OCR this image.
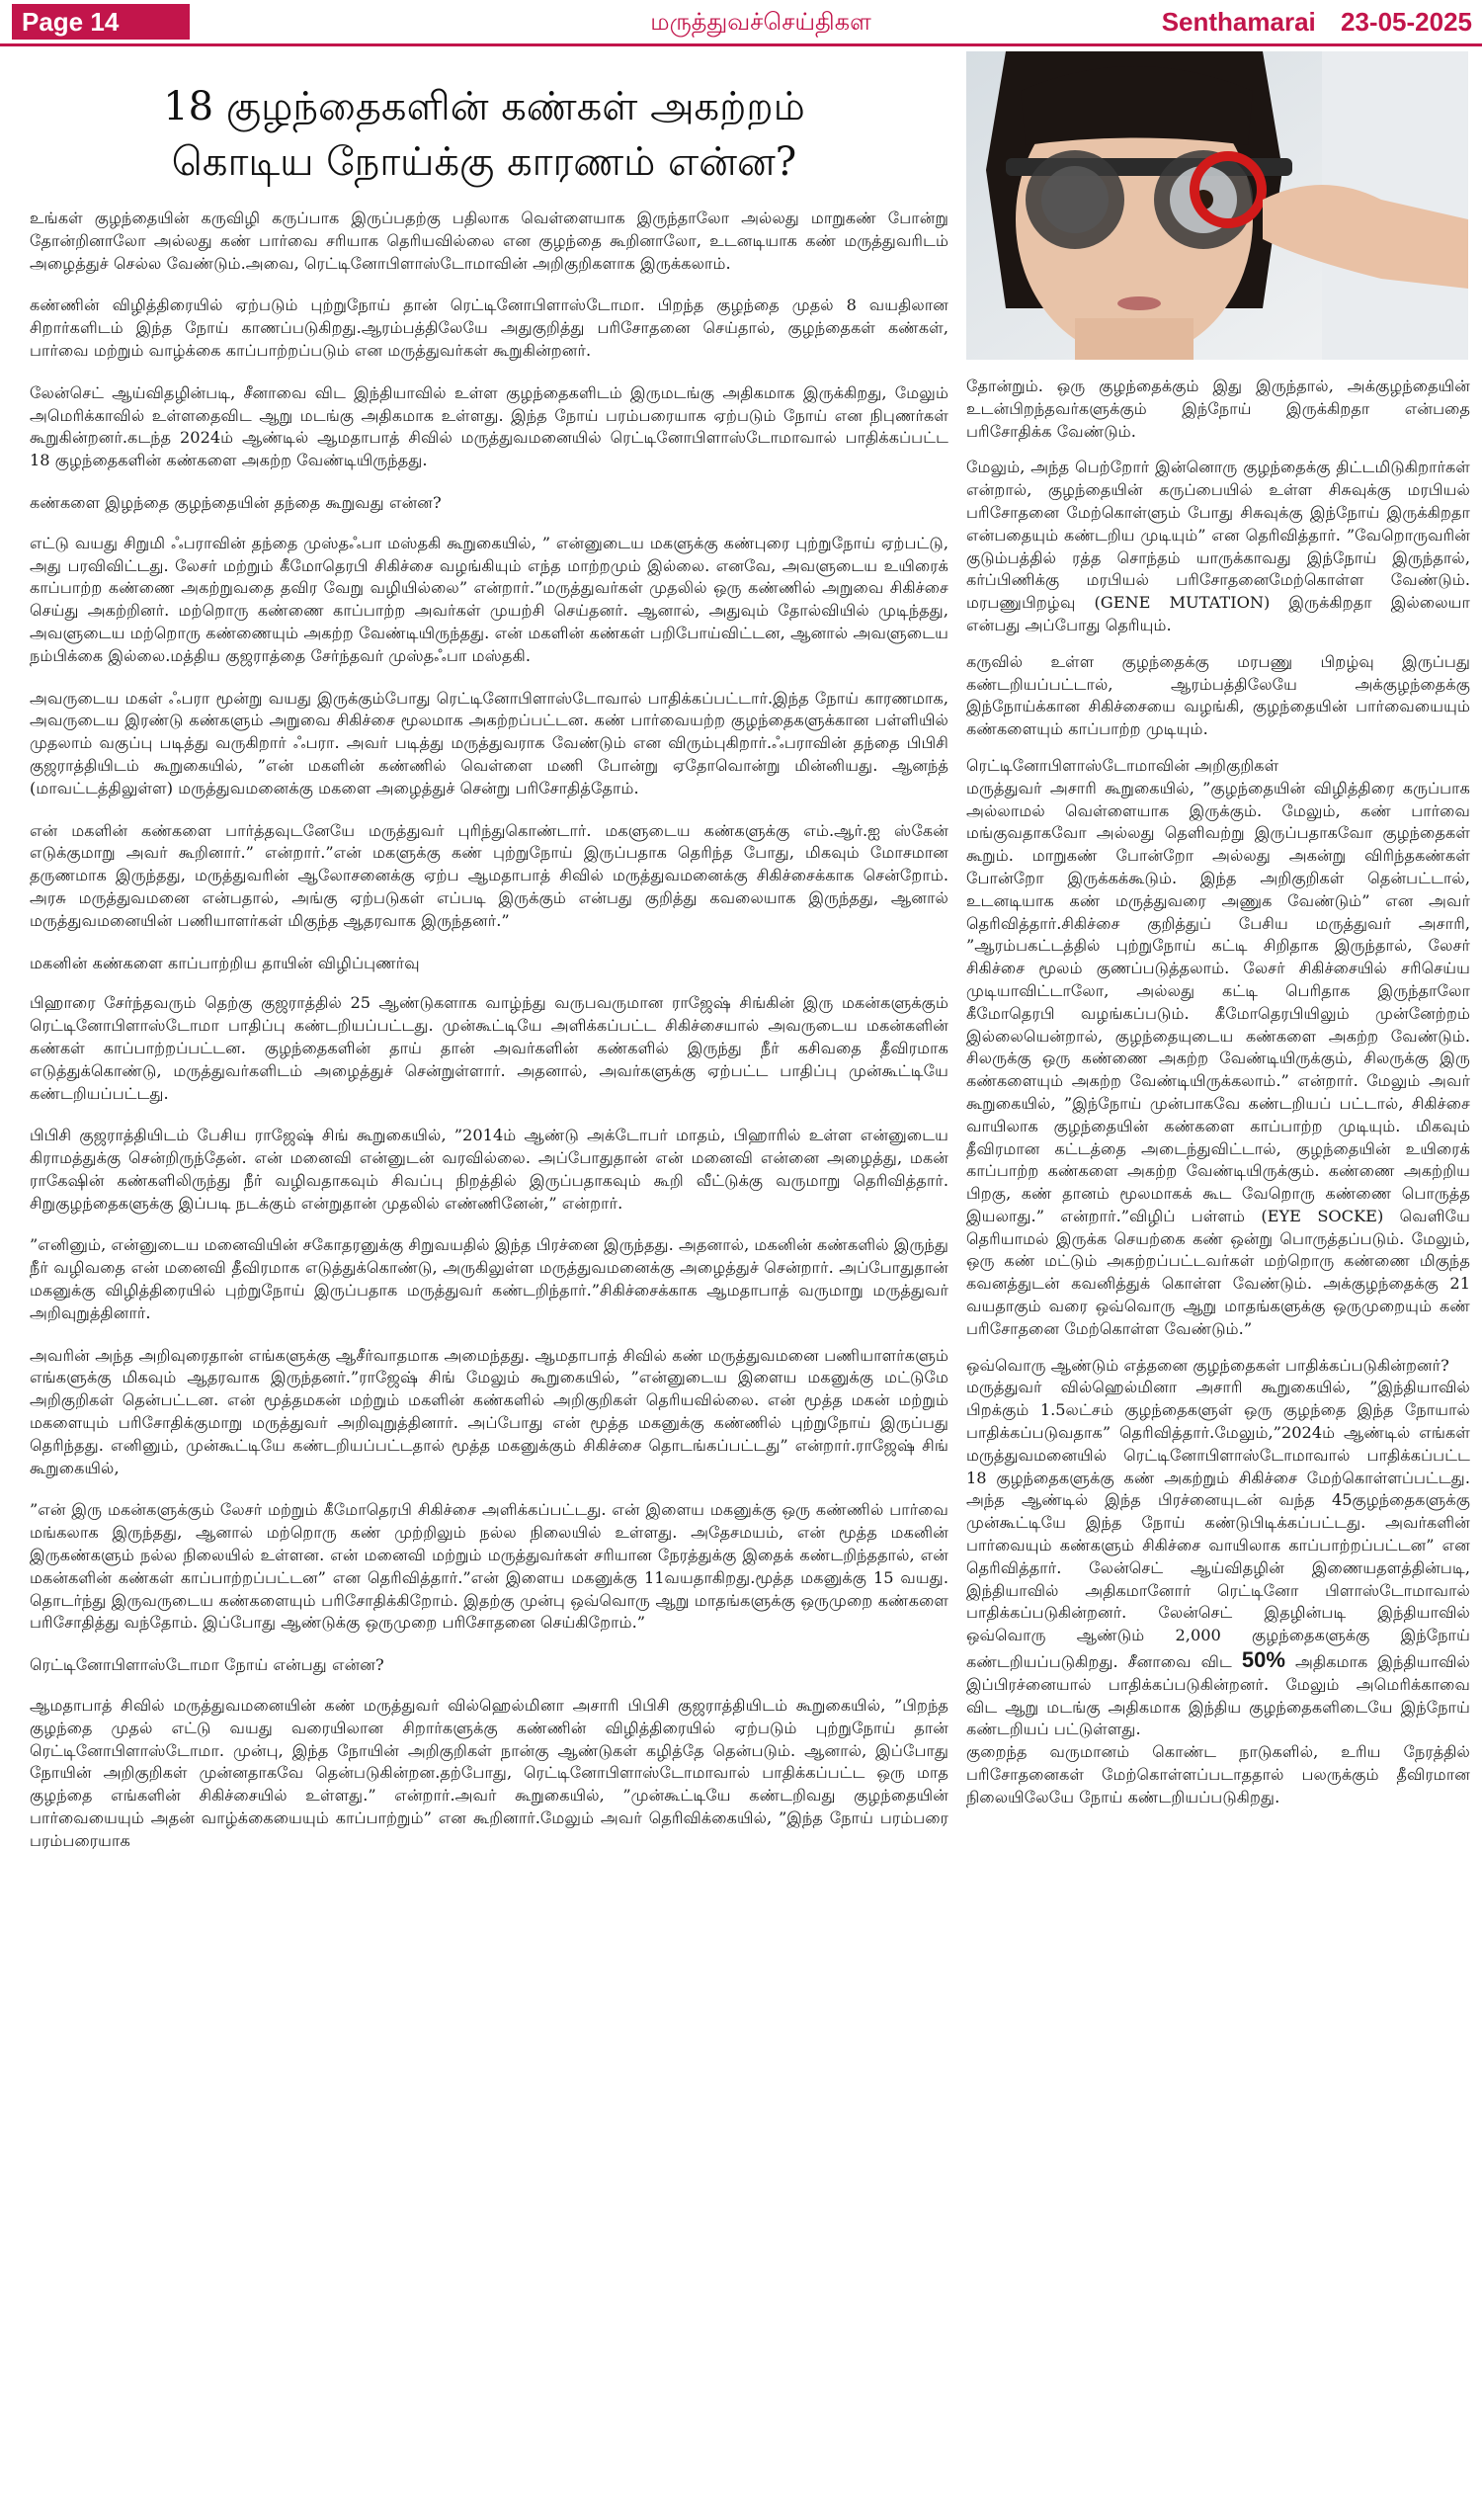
Page 14	மருத்துவச்செய்திகள	Senthamarai 23-05-2025
18 குழந்தைகளின் கண்கள் அகற்றம்
கொடிய நோய்க்கு காரணம் என்ன?

உங்கள் குழந்தையின் கருவிழி கருப்பாக இருப்பதற்கு பதிலாக வெள்ளையாக இருந்தாலோ அல்லது மாறுகண் போன்று தோன்றினாலோ அல்லது கண் பார்வை சரியாக தெரியவில்லை என குழந்தை கூறினாலோ, உடனடியாக கண் மருத்துவரிடம் அழைத்துச் செல்ல வேண்டும்.அவை, ரெட்டினோபிளாஸ்டோமாவின் அறிகுறிகளாக இருக்கலாம்.

கண்ணின் விழித்திரையில் ஏற்படும் புற்றுநோய் தான் ரெட்டினோபிளாஸ்டோமா. பிறந்த குழந்தை முதல் 8 வயதிலான சிறார்களிடம் இந்த நோய் காணப்படுகிறது.ஆரம்பத்திலேயே அதுகுறித்து பரிசோதனை செய்தால், குழந்தைகள் கண்கள், பார்வை மற்றும் வாழ்க்கை காப்பாற்றப்படும் என மருத்துவர்கள் கூறுகின்றனர்.

லேன்செட் ஆய்விதழின்படி, சீனாவை விட இந்தியாவில் உள்ள குழந்தைகளிடம் இருமடங்கு அதிகமாக இருக்கிறது, மேலும் அமெரிக்காவில் உள்ளதைவிட ஆறு மடங்கு அதிகமாக உள்ளது. இந்த நோய் பரம்பரையாக ஏற்படும் நோய் என நிபுணர்கள் கூறுகின்றனர்.கடந்த 2024ம் ஆண்டில் ஆமதாபாத் சிவில் மருத்துவமனையில் ரெட்டினோபிளாஸ்டோமாவால் பாதிக்கப்பட்ட 18 குழந்தைகளின் கண்களை அகற்ற வேண்டியிருந்தது.

கண்களை இழந்தை குழந்தையின் தந்தை கூறுவது என்ன?

எட்டு வயது சிறுமி ஃபராவின் தந்தை முஸ்தஃபா மஸ்தகி கூறுகையில், ” என்னுடைய மகளுக்கு கண்புரை புற்றுநோய் ஏற்பட்டு, அது பரவிவிட்டது. லேசர் மற்றும் கீமோதெரபி சிகிச்சை வழங்கியும் எந்த மாற்றமும் இல்லை. எனவே, அவளுடைய உயிரைக் காப்பாற்ற கண்ணை அகற்றுவதை தவிர வேறு வழியில்லை” என்றார்.”மருத்துவர்கள் முதலில் ஒரு கண்ணில் அறுவை சிகிச்சை செய்து அகற்றினர். மற்றொரு கண்ணை காப்பாற்ற அவர்கள் முயற்சி செய்தனர். ஆனால், அதுவும் தோல்வியில் முடிந்தது, அவளுடைய மற்றொரு கண்ணையும் அகற்ற வேண்டியிருந்தது. என் மகளின் கண்கள் பறிபோய்விட்டன, ஆனால் அவளுடைய நம்பிக்கை இல்லை.மத்திய குஜராத்தை சேர்ந்தவர் முஸ்தஃபா மஸ்தகி.

அவருடைய மகள் ஃபரா மூன்று வயது இருக்கும்போது ரெட்டினோபிளாஸ்டோவால் பாதிக்கப்பட்டார்.இந்த நோய் காரணமாக, அவருடைய இரண்டு கண்களும் அறுவை சிகிச்சை மூலமாக அகற்றப்பட்டன. கண் பார்வையற்ற குழந்தைகளுக்கான பள்ளியில் முதலாம் வகுப்பு படித்து வருகிறார் ஃபரா. அவர் படித்து மருத்துவராக வேண்டும் என விரும்புகிறார்.ஃபராவின் தந்தை பிபிசி குஜராத்தியிடம் கூறுகையில், ”என் மகளின் கண்ணில் வெள்ளை மணி போன்று ஏதோவொன்று மின்னியது. ஆனந்த் (மாவட்டத்திலுள்ள) மருத்துவமனைக்கு மகளை அழைத்துச் சென்று பரிசோதித்தோம்.

என் மகளின் கண்களை பார்த்தவுடனேயே மருத்துவர் புரிந்துகொண்டார். மகளுடைய கண்களுக்கு எம்.ஆர்.ஐ ஸ்கேன் எடுக்குமாறு அவர் கூறினார்.” என்றார்.”என் மகளுக்கு கண் புற்றுநோய் இருப்பதாக தெரிந்த போது, மிகவும் மோசமான தருணமாக இருந்தது, மருத்துவரின் ஆலோசனைக்கு ஏற்ப ஆமதாபாத் சிவில் மருத்துவமனைக்கு சிகிச்சைக்காக சென்றோம். அரசு மருத்துவமனை என்பதால், அங்கு ஏற்படுகள் எப்படி இருக்கும் என்பது குறித்து கவலையாக இருந்தது, ஆனால் மருத்துவமனையின் பணியாளர்கள் மிகுந்த ஆதரவாக இருந்தனர்.”

மகனின் கண்களை காப்பாற்றிய தாயின் விழிப்புணர்வு

பிஹாரை சேர்ந்தவரும் தெற்கு குஜராத்தில் 25 ஆண்டுகளாக வாழ்ந்து வருபவருமான ராஜேஷ் சிங்கின் இரு மகன்களுக்கும் ரெட்டினோபிளாஸ்டோமா பாதிப்பு கண்டறியப்பட்டது. முன்கூட்டியே அளிக்கப்பட்ட சிகிச்சையால் அவருடைய மகன்களின் கண்கள் காப்பாற்றப்பட்டன. குழந்தைகளின் தாய் தான் அவர்களின் கண்களில் இருந்து நீர் கசிவதை தீவிரமாக எடுத்துக்கொண்டு, மருத்துவர்களிடம் அழைத்துச் சென்றுள்ளார். அதனால், அவர்களுக்கு ஏற்பட்ட பாதிப்பு முன்கூட்டியே கண்டறியப்பட்டது.

பிபிசி குஜராத்தியிடம் பேசிய ராஜேஷ் சிங் கூறுகையில், ”2014ம் ஆண்டு அக்டோபர் மாதம், பிஹாரில் உள்ள என்னுடைய கிராமத்துக்கு சென்றிருந்தேன். என் மனைவி என்னுடன் வரவில்லை. அப்போதுதான் என் மனைவி என்னை அழைத்து, மகன் ராகேஷின் கண்களிலிருந்து நீர் வழிவதாகவும் சிவப்பு நிறத்தில் இருப்பதாகவும் கூறி வீட்டுக்கு வருமாறு தெரிவித்தார். சிறுகுழந்தைகளுக்கு இப்படி நடக்கும் என்றுதான் முதலில் எண்ணினேன்,” என்றார்.

”எனினும், என்னுடைய மனைவியின் சகோதரனுக்கு சிறுவயதில் இந்த பிரச்னை இருந்தது. அதனால், மகனின் கண்களில் இருந்து நீர் வழிவதை என் மனைவி தீவிரமாக எடுத்துக்கொண்டு, அருகிலுள்ள மருத்துவமனைக்கு அழைத்துச் சென்றார். அப்போதுதான் மகனுக்கு விழித்திரையில் புற்றுநோய் இருப்பதாக மருத்துவர் கண்டறிந்தார்.”சிகிச்சைக்காக ஆமதாபாத் வருமாறு மருத்துவர் அறிவுறுத்தினார்.

அவரின் அந்த அறிவுரைதான் எங்களுக்கு ஆசீர்வாதமாக அமைந்தது. ஆமதாபாத் சிவில் கண் மருத்துவமனை பணியாளர்களும் எங்களுக்கு மிகவும் ஆதரவாக இருந்தனர்.”ராஜேஷ் சிங் மேலும் கூறுகையில், ”என்னுடைய இளைய மகனுக்கு மட்டுமே அறிகுறிகள் தென்பட்டன. என் மூத்தமகன் மற்றும் மகளின் கண்களில் அறிகுறிகள் தெரியவில்லை. என் மூத்த மகன் மற்றும் மகளையும் பரிசோதிக்குமாறு மருத்துவர் அறிவுறுத்தினார். அப்போது என் மூத்த மகனுக்கு கண்ணில் புற்றுநோய் இருப்பது தெரிந்தது. எனினும், முன்கூட்டியே கண்டறியப்பட்டதால் மூத்த மகனுக்கும் சிகிச்சை தொடங்கப்பட்டது” என்றார்.ராஜேஷ் சிங் கூறுகையில்,

”என் இரு மகன்களுக்கும் லேசர் மற்றும் கீமோதெரபி சிகிச்சை அளிக்கப்பட்டது. என் இளைய மகனுக்கு ஒரு கண்ணில் பார்வை மங்கலாக இருந்தது, ஆனால் மற்றொரு கண் முற்றிலும் நல்ல நிலையில் உள்ளது. அதேசமயம், என் மூத்த மகனின் இருகண்களும் நல்ல நிலையில் உள்ளன. என் மனைவி மற்றும் மருத்துவர்கள் சரியான நேரத்துக்கு இதைக் கண்டறிந்ததால், என் மகன்களின் கண்கள் காப்பாற்றப்பட்டன” என தெரிவித்தார்.”என் இளைய மகனுக்கு 11வயதாகிறது.மூத்த மகனுக்கு 15 வயது. தொடர்ந்து இருவருடைய கண்களையும் பரிசோதிக்கிறோம். இதற்கு முன்பு ஒவ்வொரு ஆறு மாதங்களுக்கு ஒருமுறை கண்களை பரிசோதித்து வந்தோம். இப்போது ஆண்டுக்கு ஒருமுறை பரிசோதனை செய்கிறோம்.”

ரெட்டினோபிளாஸ்டோமா நோய் என்பது என்ன?

ஆமதாபாத் சிவில் மருத்துவமனையின் கண் மருத்துவர் வில்ஹெல்மினா அசாரி பிபிசி குஜராத்தியிடம் கூறுகையில், ”பிறந்த குழந்தை முதல் எட்டு வயது வரையிலான சிறார்களுக்கு கண்ணின் விழித்திரையில் ஏற்படும் புற்றுநோய் தான் ரெட்டினோபிளாஸ்டோமா. முன்பு, இந்த நோயின் அறிகுறிகள் நான்கு ஆண்டுகள் கழித்தே தென்படும். ஆனால், இப்போது நோயின் அறிகுறிகள் முன்னதாகவே தென்படுகின்றன.தற்போது, ரெட்டினோபிளாஸ்டோமாவால் பாதிக்கப்பட்ட ஒரு மாத குழந்தை எங்களின் சிகிச்சையில் உள்ளது.” என்றார்.அவர் கூறுகையில், ”முன்கூட்டியே கண்டறிவது குழந்தையின் பார்வையையும் அதன் வாழ்க்கையையும் காப்பாற்றும்” என கூறினார்.மேலும் அவர் தெரிவிக்கையில், ”இந்த நோய் பரம்பரை பரம்பரையாக

தோன்றும். ஒரு குழந்தைக்கும் இது இருந்தால், அக்குழந்தையின் உடன்பிறந்தவர்களுக்கும் இந்நோய் இருக்கிறதா என்பதை பரிசோதிக்க வேண்டும்.

மேலும், அந்த பெற்றோர் இன்னொரு குழந்தைக்கு திட்டமிடுகிறார்கள் என்றால், குழந்தையின் கருப்பையில் உள்ள சிசுவுக்கு மரபியல் பரிசோதனை மேற்கொள்ளும் போது சிசுவுக்கு இந்நோய் இருக்கிறதா என்பதையும் கண்டறிய முடியும்” என தெரிவித்தார். ”வேறொருவரின் குடும்பத்தில் ரத்த சொந்தம் யாருக்காவது இந்நோய் இருந்தால், கர்ப்பிணிக்கு மரபியல் பரிசோதனைமேற்கொள்ள வேண்டும். மரபணுபிறழ்வு (GENE MUTATION) இருக்கிறதா இல்லையா என்பது அப்போது தெரியும்.

கருவில் உள்ள குழந்தைக்கு மரபணு பிறழ்வு இருப்பது கண்டறியப்பட்டால், ஆரம்பத்திலேயே அக்குழந்தைக்கு இந்நோய்க்கான சிகிச்சையை வழங்கி, குழந்தையின் பார்வையையும் கண்களையும் காப்பாற்ற முடியும்.

ரெட்டினோபிளாஸ்டோமாவின் அறிகுறிகள்

மருத்துவர் அசாரி கூறுகையில், ”குழந்தையின் விழித்திரை கருப்பாக அல்லாமல் வெள்ளையாக இருக்கும். மேலும், கண் பார்வை மங்குவதாகவோ அல்லது தெளிவற்று இருப்பதாகவோ குழந்தைகள் கூறும். மாறுகண் போன்றோ அல்லது அகன்று விரிந்தகண்கள் போன்றோ இருக்கக்கூடும். இந்த அறிகுறிகள் தென்பட்டால், உடனடியாக கண் மருத்துவரை அணுக வேண்டும்” என அவர் தெரிவித்தார்.சிகிச்சை குறித்துப் பேசிய மருத்துவர் அசாரி, ”ஆரம்பகட்டத்தில் புற்றுநோய் கட்டி சிறிதாக இருந்தால், லேசர் சிகிச்சை மூலம் குணப்படுத்தலாம். லேசர் சிகிச்சையில் சரிசெய்ய முடியாவிட்டாலோ, அல்லது கட்டி பெரிதாக இருந்தாலோ கீமோதெரபி வழங்கப்படும். கீமோதெரபியிலும் முன்னேற்றம் இல்லையென்றால், குழந்தையுடைய கண்களை அகற்ற வேண்டும். சிலருக்கு ஒரு கண்ணை அகற்ற வேண்டியிருக்கும், சிலருக்கு இரு கண்களையும் அகற்ற வேண்டியிருக்கலாம்.” என்றார். மேலும் அவர் கூறுகையில், ”இந்நோய் முன்பாகவே கண்டறியப் பட்டால், சிகிச்சை வாயிலாக குழந்தையின் கண்களை காப்பாற்ற முடியும். மிகவும் தீவிரமான கட்டத்தை அடைந்துவிட்டால், குழந்தையின் உயிரைக் காப்பாற்ற கண்களை அகற்ற வேண்டியிருக்கும். கண்ணை அகற்றிய பிறகு, கண் தானம் மூலமாகக் கூட வேறொரு கண்ணை பொருத்த இயலாது.” என்றார்.”விழிப் பள்ளம் (EYE SOCKE) வெளியே தெரியாமல் இருக்க செயற்கை கண் ஒன்று பொருத்தப்படும். மேலும், ஒரு கண் மட்டும் அகற்றப்பட்டவர்கள் மற்றொரு கண்ணை மிகுந்த கவனத்துடன் கவனித்துக் கொள்ள வேண்டும். அக்குழந்தைக்கு 21 வயதாகும் வரை ஒவ்வொரு ஆறு மாதங்களுக்கு ஒருமுறையும் கண் பரிசோதனை மேற்கொள்ள வேண்டும்.”

ஒவ்வொரு ஆண்டும் எத்தனை குழந்தைகள் பாதிக்கப்படுகின்றனர்?

மருத்துவர் வில்ஹெல்மினா அசாரி கூறுகையில், ”இந்தியாவில் பிறக்கும் 1.5லட்சம் குழந்தைகளுள் ஒரு குழந்தை இந்த நோயால் பாதிக்கப்படுவதாக” தெரிவித்தார்.மேலும்,”2024ம் ஆண்டில் எங்கள் மருத்துவமனையில் ரெட்டினோபிளாஸ்டோமாவால் பாதிக்கப்பட்ட 18 குழந்தைகளுக்கு கண் அகற்றும் சிகிச்சை மேற்கொள்ளப்பட்டது. அந்த ஆண்டில் இந்த பிரச்னையுடன் வந்த 45குழந்தைகளுக்கு முன்கூட்டியே இந்த நோய் கண்டுபிடிக்கப்பட்டது. அவர்களின் பார்வையும் கண்களும் சிகிச்சை வாயிலாக காப்பாற்றப்பட்டன” என தெரிவித்தார். லேன்செட் ஆய்விதழின் இணையதளத்தின்படி, இந்தியாவில் அதிகமானோர் ரெட்டினோ பிளாஸ்டோமாவால் பாதிக்கப்படுகின்றனர். லேன்செட் இதழின்படி இந்தியாவில் ஒவ்வொரு ஆண்டும் 2,000 குழந்தைகளுக்கு இந்நோய் கண்டறியப்படுகிறது. சீனாவை விட 50% அதிகமாக இந்தியாவில் இப்பிரச்னையால் பாதிக்கப்படுகின்றனர். மேலும் அமெரிக்காவை விட ஆறு மடங்கு அதிகமாக இந்திய குழந்தைகளிடையே இந்நோய் கண்டறியப் பட்டுள்ளது.

குறைந்த வருமானம் கொண்ட நாடுகளில், உரிய நேரத்தில் பரிசோதனைகள் மேற்கொள்ளப்படாததால் பலருக்கும் தீவிரமான நிலையிலேயே நோய் கண்டறியப்படுகிறது.
